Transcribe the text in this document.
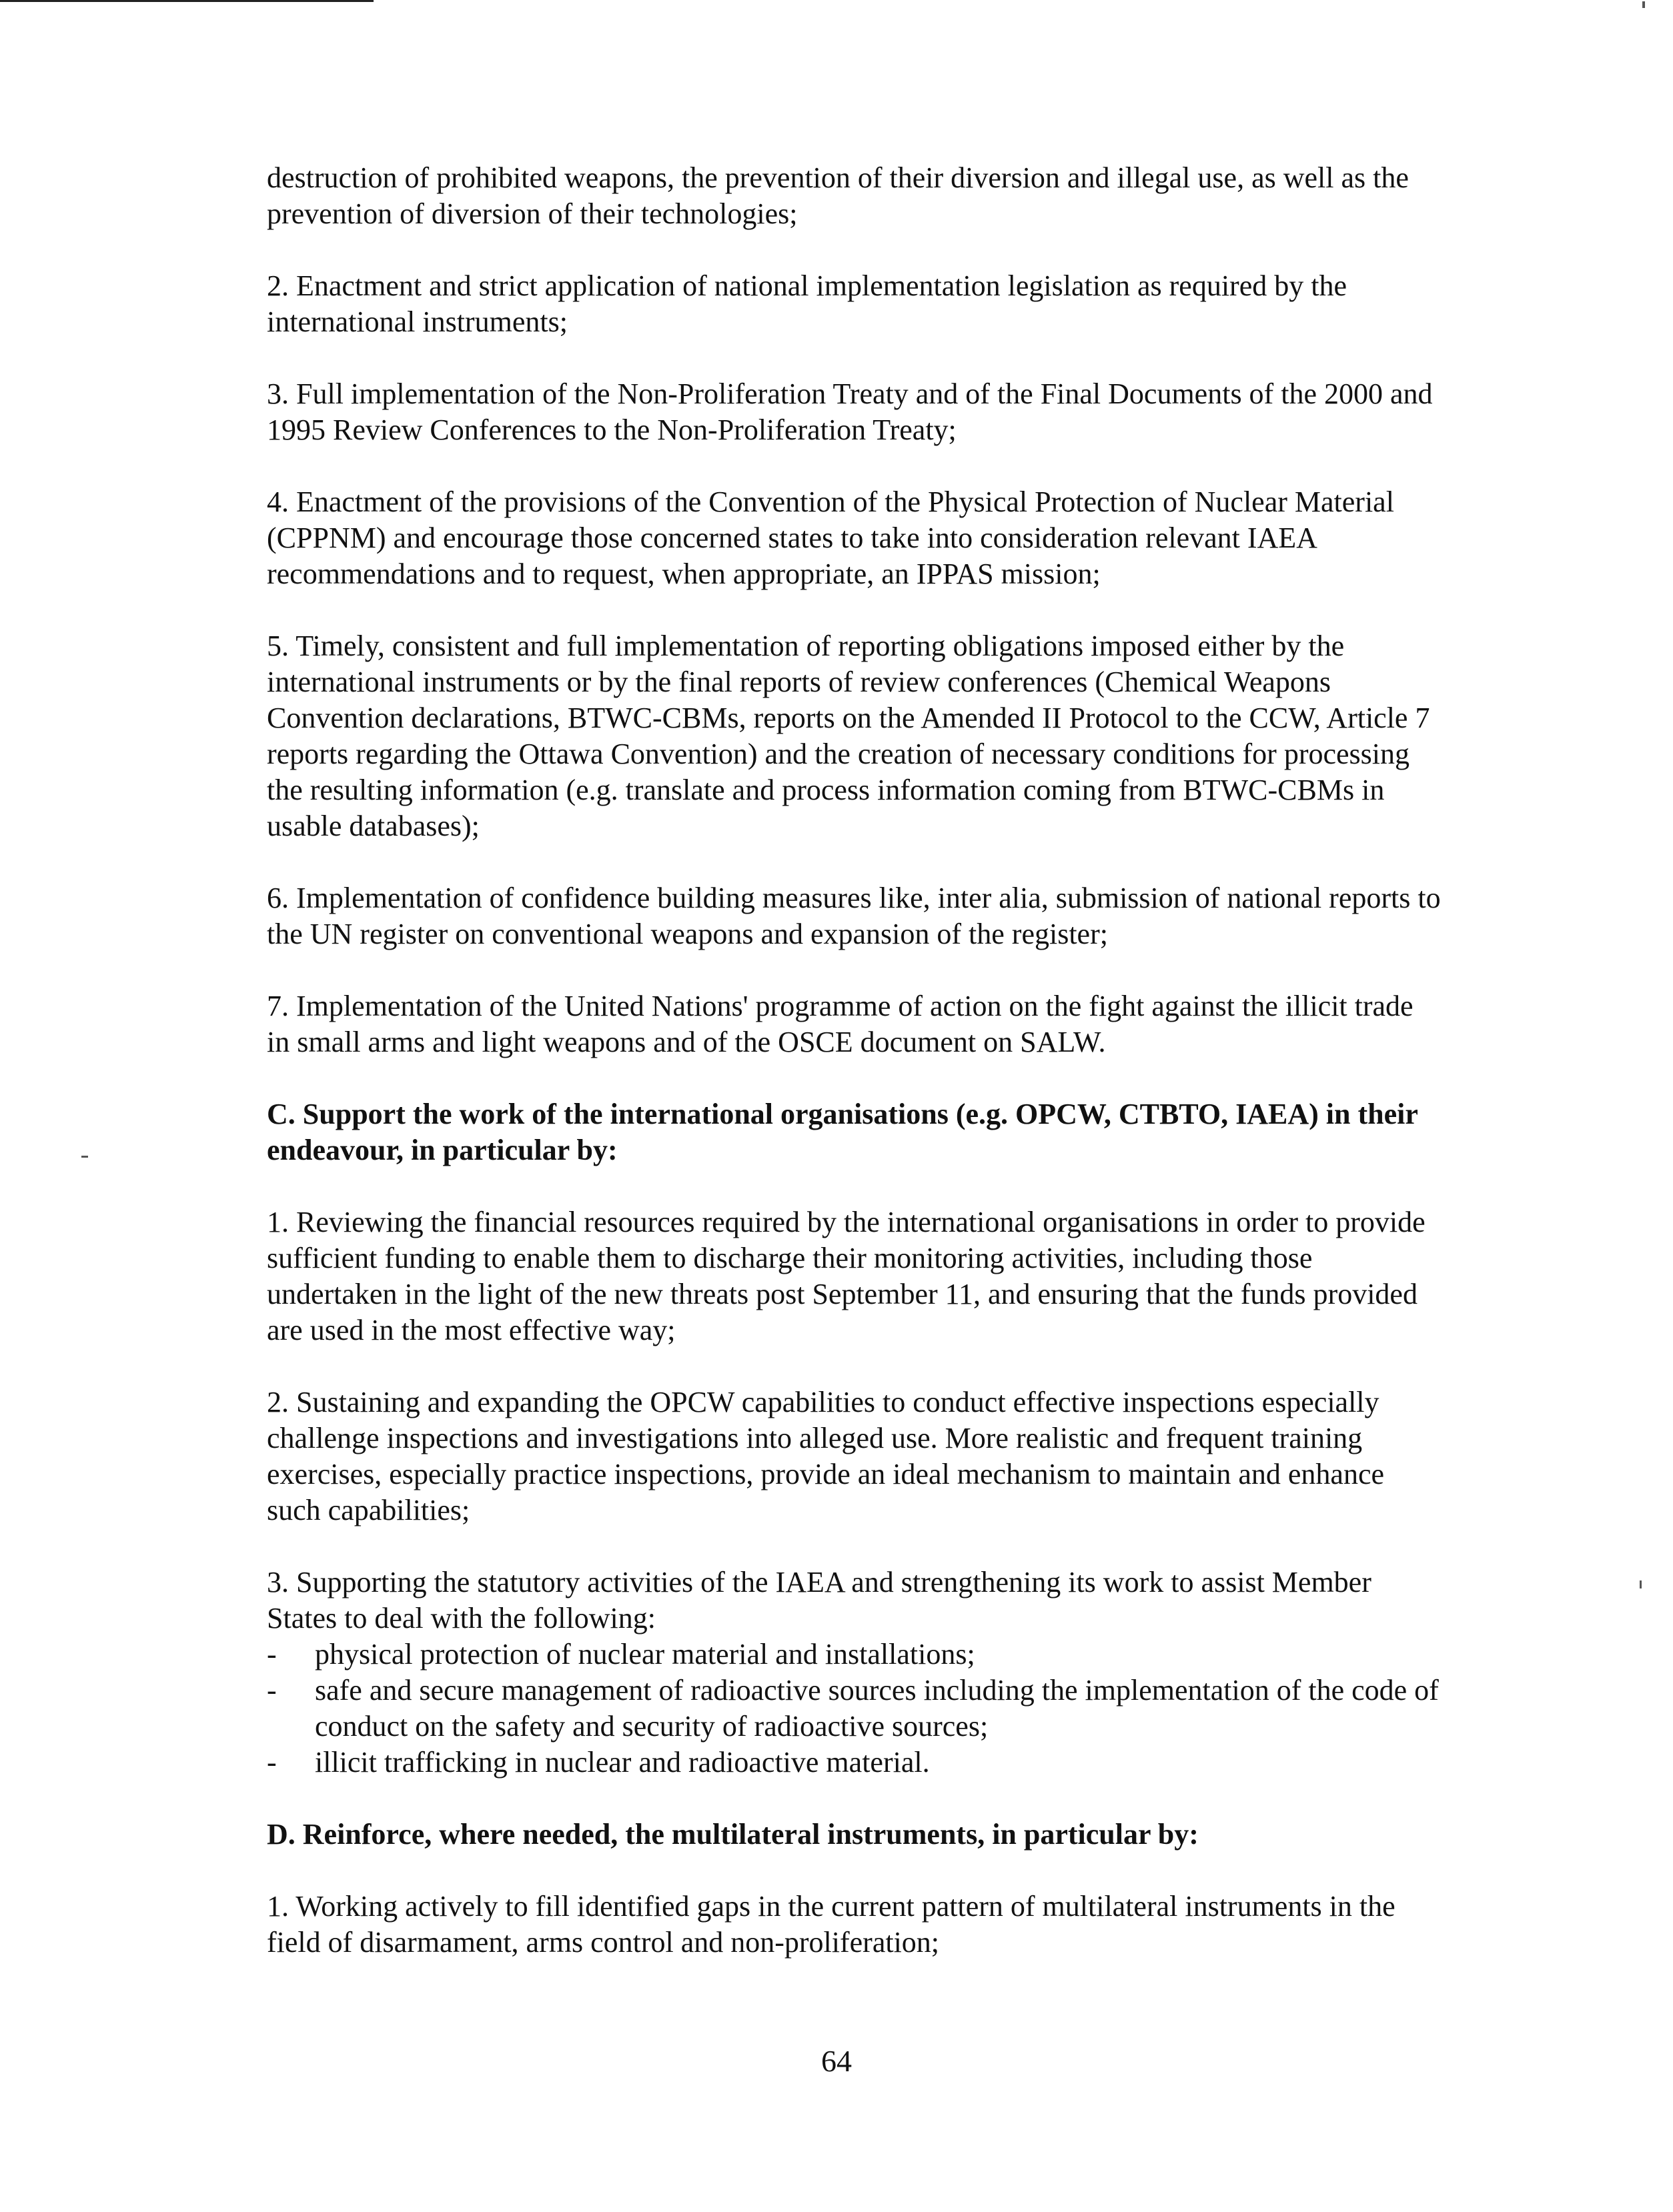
destruction of prohibited weapons, the prevention of their diversion and illegal use, as well as the prevention of diversion of their technologies;

2. Enactment and strict application of national implementation legislation as required by the international instruments;

3. Full implementation of the Non-Proliferation Treaty and of the Final Documents of the 2000 and 1995 Review Conferences to the Non-Proliferation Treaty;

4. Enactment of the provisions of the Convention of the Physical Protection of Nuclear Material (CPPNM) and encourage those concerned states to take into consideration relevant IAEA recommendations and to request, when appropriate, an IPPAS mission;

5. Timely, consistent and full implementation of reporting obligations imposed either by the international instruments or by the final reports of review conferences (Chemical Weapons Convention declarations, BTWC-CBMs, reports on the Amended II Protocol to the CCW, Article 7 reports regarding the Ottawa Convention) and the creation of necessary conditions for processing the resulting information (e.g. translate and process information coming from BTWC-CBMs in usable databases);

6. Implementation of confidence building measures like, inter alia, submission of national reports to the UN register on conventional weapons and expansion of the register;

7. Implementation of the United Nations' programme of action on the fight against the illicit trade in small arms and light weapons and of the OSCE document on SALW.

C. Support the work of the international organisations (e.g. OPCW, CTBTO, IAEA) in their endeavour, in particular by:

1. Reviewing the financial resources required by the international organisations in order to provide sufficient funding to enable them to discharge their monitoring activities, including those undertaken in the light of the new threats post September 11, and ensuring that the funds provided are used in the most effective way;

2. Sustaining and expanding the OPCW capabilities to conduct effective inspections especially challenge inspections and investigations into alleged use. More realistic and frequent training exercises, especially practice inspections, provide an ideal mechanism to maintain and enhance such capabilities;

3. Supporting the statutory activities of the IAEA and strengthening its work to assist Member States to deal with the following:

- physical protection of nuclear material and installations;
- safe and secure management of radioactive sources including the implementation of the code of conduct on the safety and security of radioactive sources;
- illicit trafficking in nuclear and radioactive material.

D. Reinforce, where needed, the multilateral instruments, in particular by:

1. Working actively to fill identified gaps in the current pattern of multilateral instruments in the field of disarmament, arms control and non-proliferation;

64
